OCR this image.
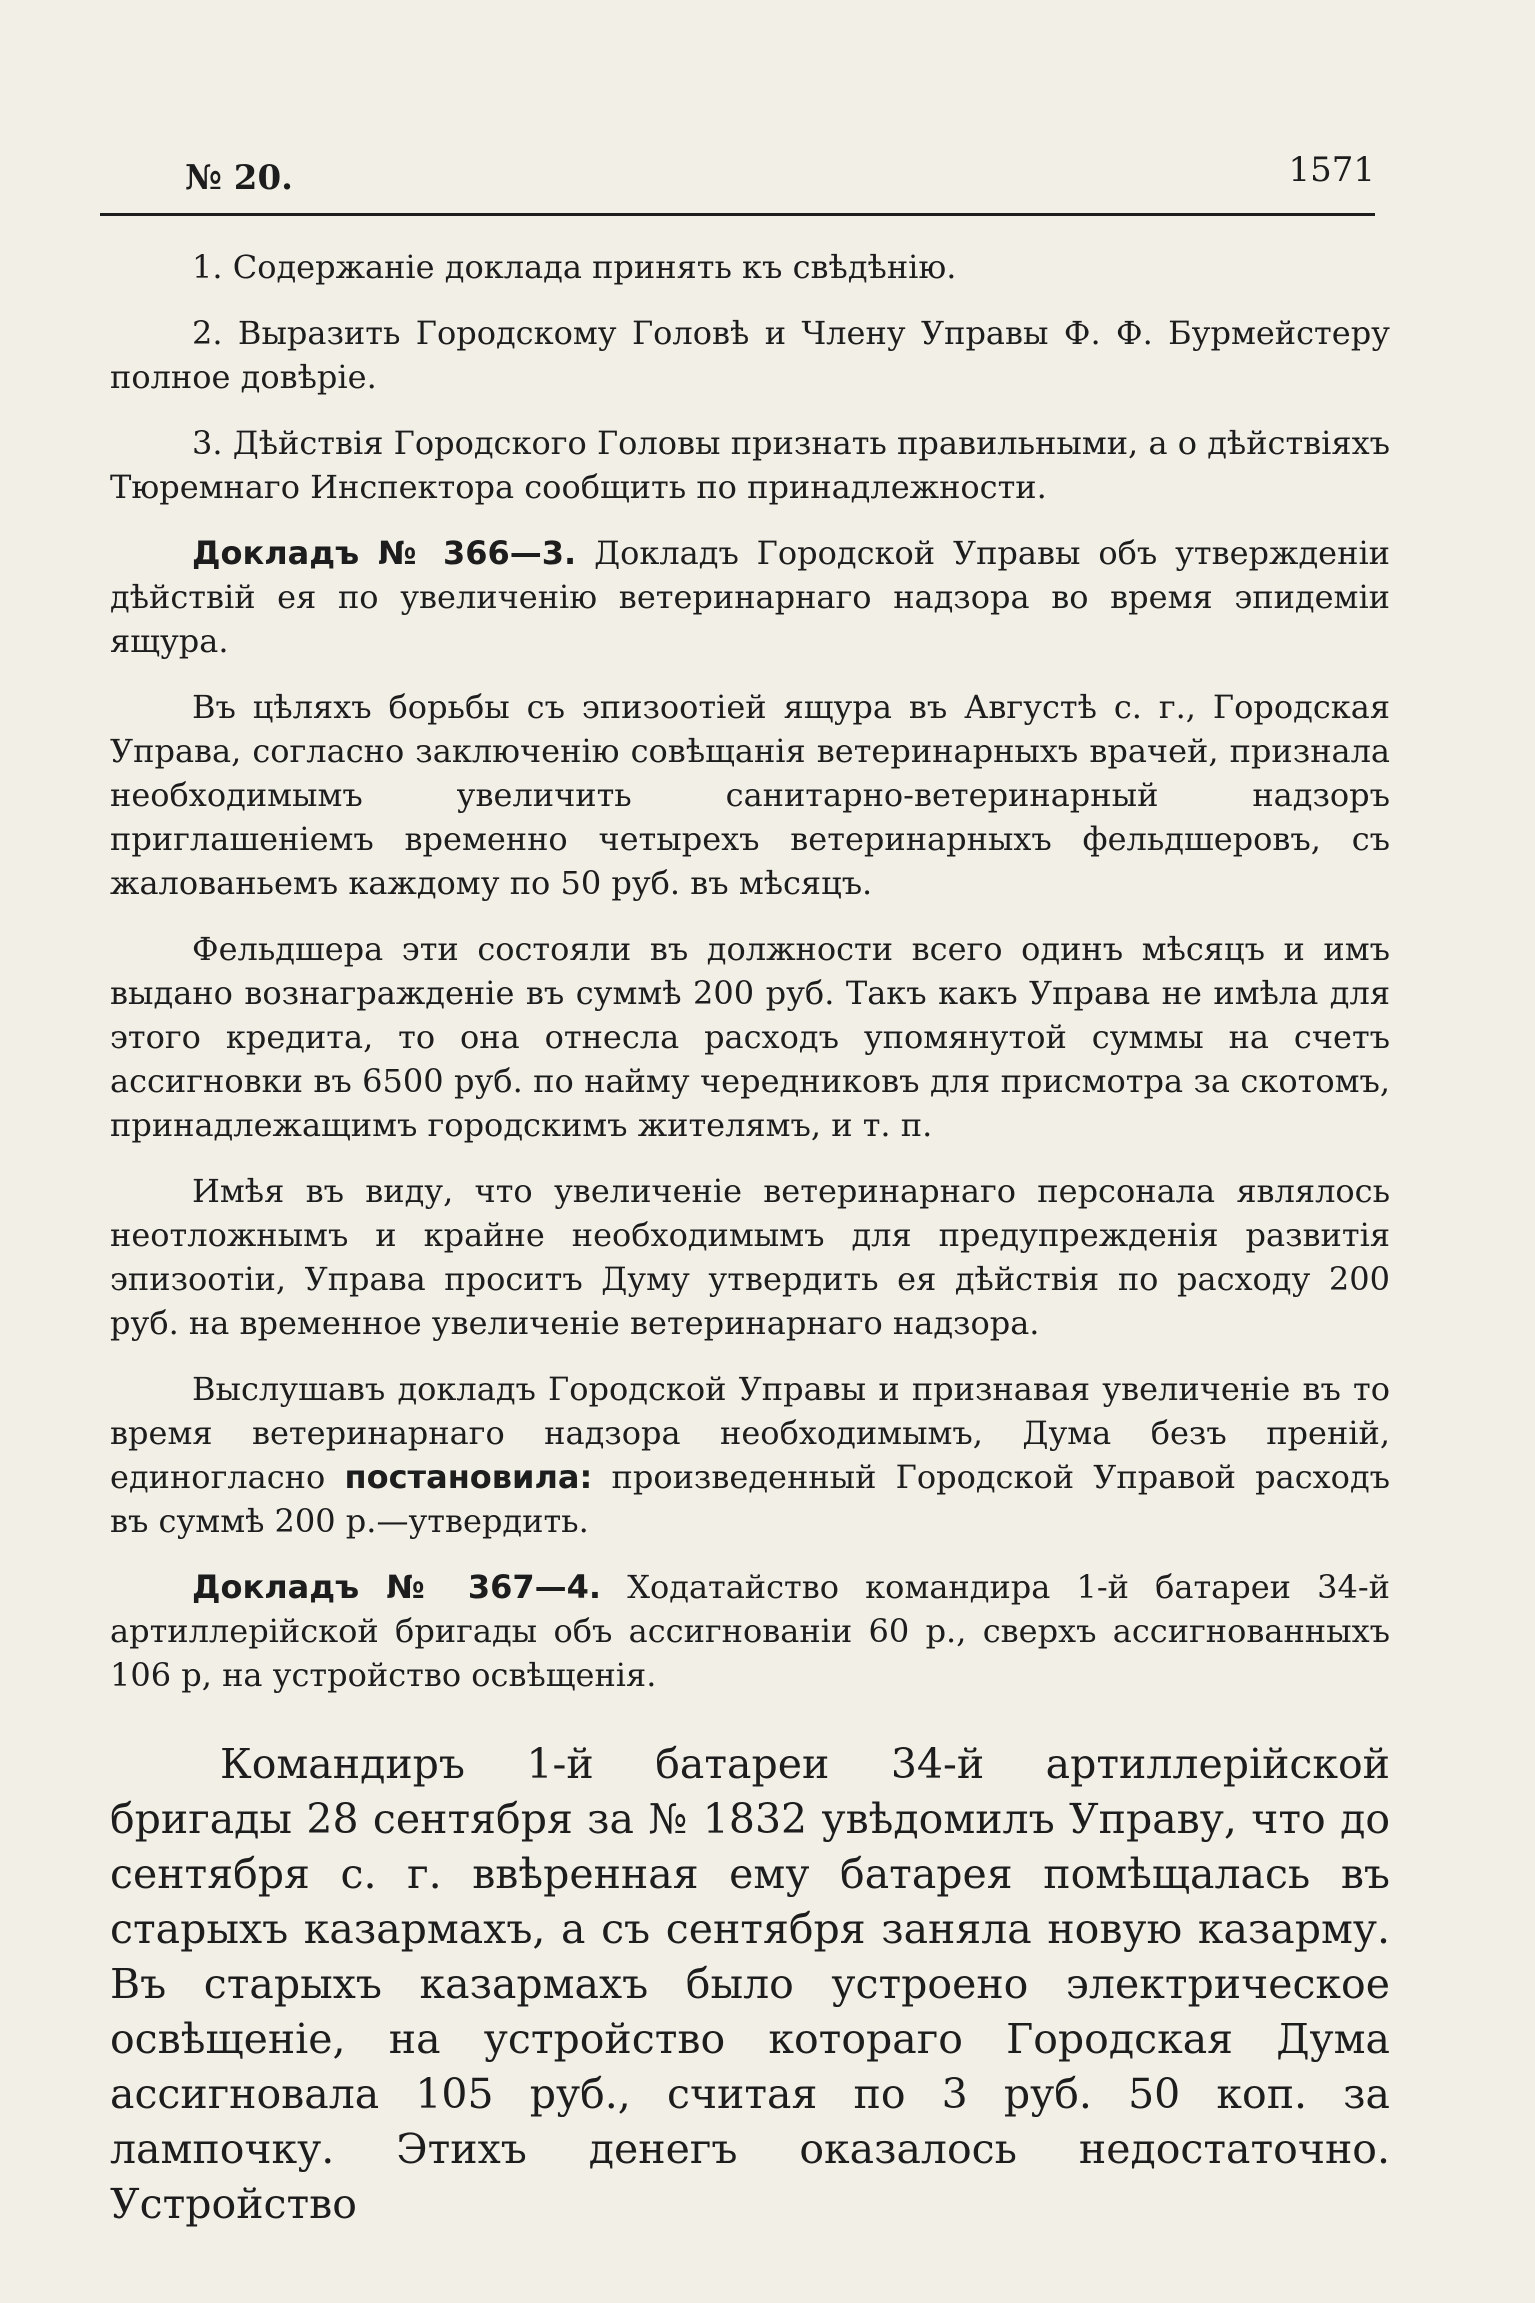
№ 20.	1571

1. Содержаніе доклада принять къ свѣдѣнію.

2. Выразить Городскому Головѣ и Члену Управы Ф. Ф. Бурмейстеру полное довѣріе.

3. Дѣйствія Городского Головы признать правильными, а о дѣйствіяхъ Тюремнаго Инспектора сообщить по принадлежности.

Докладъ № 366—3. Докладъ Городской Управы объ утвержденіи дѣйствій ея по увеличенію ветеринарнаго надзора во время эпидеміи ящура.

Въ цѣляхъ борьбы съ эпизоотіей ящура въ Августѣ с. г., Городская Управа, согласно заключенію совѣщанія ветеринарныхъ врачей, признала необходимымъ увеличить санитарно-ветеринарный надзоръ приглашеніемъ временно четырехъ ветеринарныхъ фельдшеровъ, съ жалованьемъ каждому по 50 руб. въ мѣсяцъ.

Фельдшера эти состояли въ должности всего одинъ мѣсяцъ и имъ выдано вознагражденіе въ суммѣ 200 руб. Такъ какъ Управа не имѣла для этого кредита, то она отнесла расходъ упомянутой суммы на счетъ ассигновки въ 6500 руб. по найму чередниковъ для присмотра за скотомъ, принадлежащимъ городскимъ жителямъ, и т. п.

Имѣя въ виду, что увеличеніе ветеринарнаго персонала являлось неотложнымъ и крайне необходимымъ для предупрежденія развитія эпизоотіи, Управа проситъ Думу утвердить ея дѣйствія по расходу 200 руб. на временное увеличеніе ветеринарнаго надзора.

Выслушавъ докладъ Городской Управы и признавая увеличеніе въ то время ветеринарнаго надзора необходимымъ, Дума безъ преній, единогласно постановила: произведенный Городской Управой расходъ въ суммѣ 200 р.—утвердить.

Докладъ № 367—4. Ходатайство командира 1-й батареи 34-й артиллерійской бригады объ ассигнованіи 60 р., сверхъ ассигнованныхъ 106 р, на устройство освѣщенія.

Командиръ 1-й батареи 34-й артиллерійской бригады 28 сентября за № 1832 увѣдомилъ Управу, что до сентября с. г. ввѣренная ему батарея помѣщалась въ старыхъ казармахъ, а съ сентября заняла новую казарму. Въ старыхъ казармахъ было устроено электрическое освѣщеніе, на устройство котораго Городская Дума ассигновала 105 руб., считая по 3 руб. 50 коп. за лампочку. Этихъ денегъ оказалось недостаточно. Устройство
